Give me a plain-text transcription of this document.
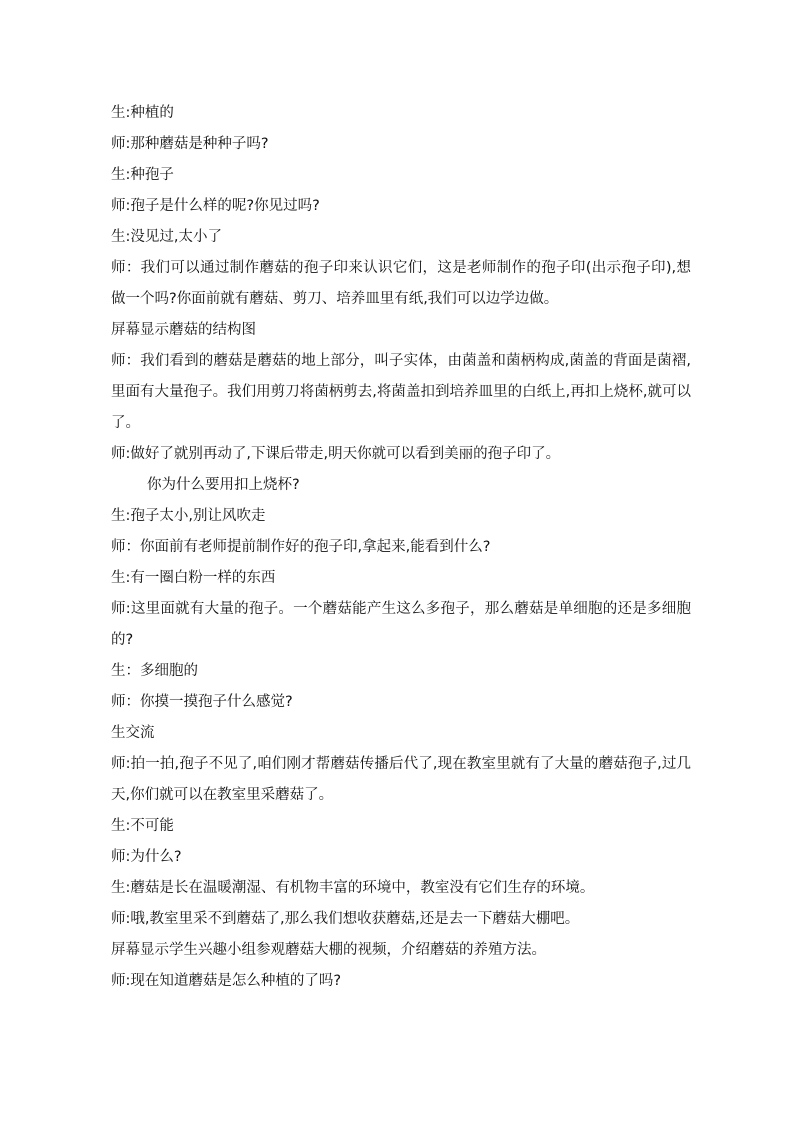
生:种植的

师:那种蘑菇是种种子吗?

生:种孢子

师:孢子是什么样的呢?你见过吗?

生:没见过,太小了

师：我们可以通过制作蘑菇的孢子印来认识它们，这是老师制作的孢子印(出示孢子印),想做一个吗?你面前就有蘑菇、剪刀、培养皿里有纸,我们可以边学边做。

屏幕显示蘑菇的结构图

师：我们看到的蘑菇是蘑菇的地上部分，叫子实体，由菌盖和菌柄构成,菌盖的背面是菌褶,里面有大量孢子。我们用剪刀将菌柄剪去,将菌盖扣到培养皿里的白纸上,再扣上烧杯,就可以了。

师:做好了就别再动了,下课后带走,明天你就可以看到美丽的孢子印了。

你为什么要用扣上烧杯?

生:孢子太小,别让风吹走

师：你面前有老师提前制作好的孢子印,拿起来,能看到什么?

生:有一圈白粉一样的东西

师:这里面就有大量的孢子。一个蘑菇能产生这么多孢子，那么蘑菇是单细胞的还是多细胞的?

生：多细胞的

师：你摸一摸孢子什么感觉?

生交流

师:拍一拍,孢子不见了,咱们刚才帮蘑菇传播后代了,现在教室里就有了大量的蘑菇孢子,过几天,你们就可以在教室里采蘑菇了。

生:不可能

师:为什么?

生:蘑菇是长在温暖潮湿、有机物丰富的环境中，教室没有它们生存的环境。

师:哦,教室里采不到蘑菇了,那么我们想收获蘑菇,还是去一下蘑菇大棚吧。

屏幕显示学生兴趣小组参观蘑菇大棚的视频，介绍蘑菇的养殖方法。

师:现在知道蘑菇是怎么种植的了吗?
